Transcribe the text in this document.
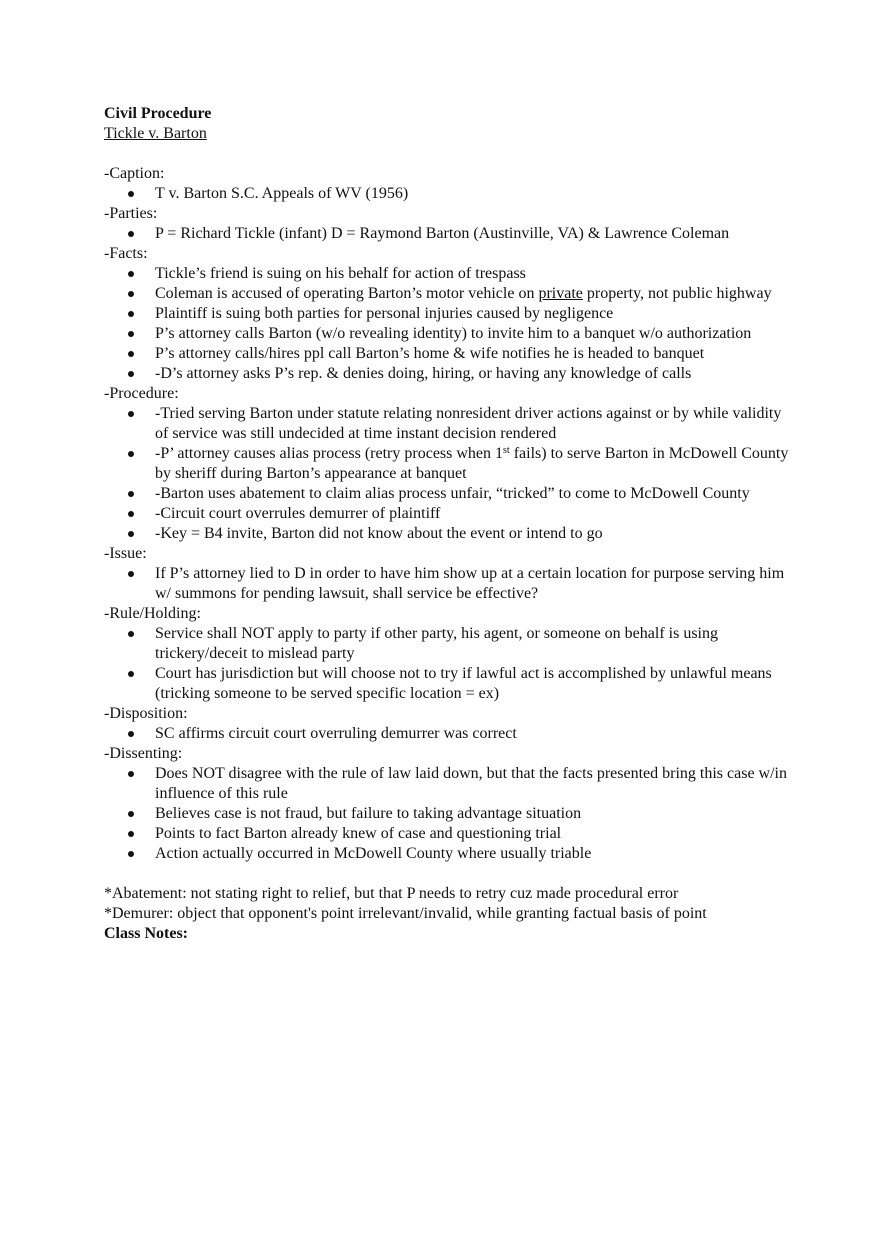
Civil Procedure
Tickle v. Barton
-Caption:
T v. Barton S.C. Appeals of WV (1956)
-Parties:
P = Richard Tickle (infant) D = Raymond Barton (Austinville, VA) & Lawrence Coleman
-Facts:
Tickle’s friend is suing on his behalf for action of trespass
Coleman is accused of operating Barton’s motor vehicle on private property, not public highway
Plaintiff is suing both parties for personal injuries caused by negligence
P’s attorney calls Barton (w/o revealing identity) to invite him to a banquet w/o authorization
P’s attorney calls/hires ppl call Barton’s home & wife notifies he is headed to banquet
-D’s attorney asks P’s rep. & denies doing, hiring, or having any knowledge of calls
-Procedure:
-Tried serving Barton under statute relating nonresident driver actions against or by while validity of service was still undecided at time instant decision rendered
-P’ attorney causes alias process (retry process when 1st fails) to serve Barton in McDowell County by sheriff during Barton’s appearance at banquet
-Barton uses abatement to claim alias process unfair, “tricked” to come to McDowell County
-Circuit court overrules demurrer of plaintiff
-Key = B4 invite, Barton did not know about the event or intend to go
-Issue:
If P’s attorney lied to D in order to have him show up at a certain location for purpose serving him w/ summons for pending lawsuit, shall service be effective?
-Rule/Holding:
Service shall NOT apply to party if other party, his agent, or someone on behalf is using trickery/deceit to mislead party
Court has jurisdiction but will choose not to try if lawful act is accomplished by unlawful means (tricking someone to be served specific location = ex)
-Disposition:
SC affirms circuit court overruling demurrer was correct
-Dissenting:
Does NOT disagree with the rule of law laid down, but that the facts presented bring this case w/in influence of this rule
Believes case is not fraud, but failure to taking advantage situation
Points to fact Barton already knew of case and questioning trial
Action actually occurred in McDowell County where usually triable
*Abatement: not stating right to relief, but that P needs to retry cuz made procedural error
*Demurer: object that opponent's point irrelevant/invalid, while granting factual basis of point
Class Notes:
